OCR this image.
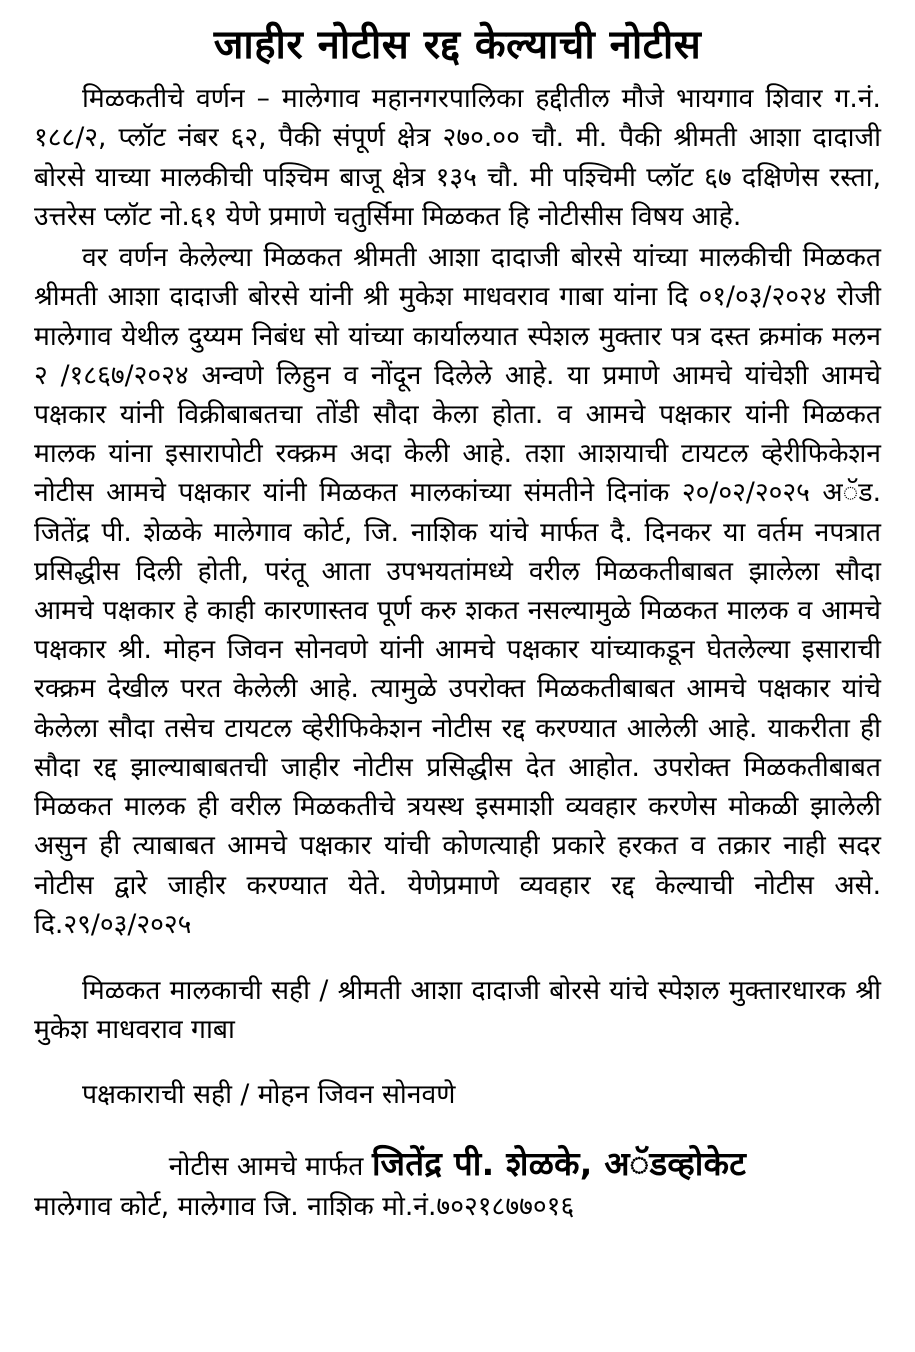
जाहीर नोटीस रद्द केल्याची नोटीस

मिळकतीचे वर्णन – मालेगाव महानगरपालिका हद्दीतील मौजे भायगाव शिवार ग.नं. १८८/२, प्लॉट नंबर ६२, पैकी संपूर्ण क्षेत्र २७०.०० चौ. मी. पैकी श्रीमती आशा दादाजी बोरसे याच्या मालकीची पश्चिम बाजू क्षेत्र १३५ चौ. मी पश्चिमी प्लॉट ६७ दक्षिणेस रस्ता, उत्तरेस प्लॉट नो.६१ येणे प्रमाणे चतुर्सिमा मिळकत हि नोटीसीस विषय आहे.

वर वर्णन केलेल्या मिळकत श्रीमती आशा दादाजी बोरसे यांच्या मालकीची मिळकत श्रीमती आशा दादाजी बोरसे यांनी श्री मुकेश माधवराव गाबा यांना दि ०१/०३/२०२४ रोजी मालेगाव येथील दुय्यम निबंध सो यांच्या कार्यालयात स्पेशल मुक्तार पत्र दस्त क्रमांक मलन २ /१८६७/२०२४ अन्वणे लिहुन व नोंदून दिलेले आहे. या प्रमाणे आमचे यांचेशी आमचे पक्षकार यांनी विक्रीबाबतचा तोंडी सौदा केला होता. व आमचे पक्षकार यांनी मिळकत मालक यांना इसारापोटी रक्क्रम अदा केली आहे. तशा आशयाची टायटल व्हेरीफिकेशन नोटीस आमचे पक्षकार यांनी मिळकत मालकांच्या संमतीने दिनांक २०/०२/२०२५ अॅड. जितेंद्र पी. शेळके मालेगाव कोर्ट, जि. नाशिक यांचे मार्फत दै. दिनकर या वर्तम नपत्रात प्रसिद्धीस दिली होती, परंतू आता उपभयतांमध्ये वरील मिळकतीबाबत झालेला सौदा आमचे पक्षकार हे काही कारणास्तव पूर्ण करु शकत नसल्यामुळे मिळकत मालक व आमचे पक्षकार श्री. मोहन जिवन सोनवणे यांनी आमचे पक्षकार यांच्याकडून घेतलेल्या इसाराची रक्क्रम देखील परत केलेली आहे. त्यामुळे उपरोक्त मिळकतीबाबत आमचे पक्षकार यांचे केलेला सौदा तसेच टायटल व्हेरीफिकेशन नोटीस रद्द करण्यात आलेली आहे. याकरीता ही सौदा रद्द झाल्याबाबतची जाहीर नोटीस प्रसिद्धीस देत आहोत. उपरोक्त मिळकतीबाबत मिळकत मालक ही वरील मिळकतीचे त्रयस्थ इसमाशी व्यवहार करणेस मोकळी झालेली असुन ही त्याबाबत आमचे पक्षकार यांची कोणत्याही प्रकारे हरकत व तक्रार नाही सदर नोटीस द्वारे जाहीर करण्यात येते. येणेप्रमाणे व्यवहार रद्द केल्याची नोटीस असे. दि.२९/०३/२०२५

मिळकत मालकाची सही / श्रीमती आशा दादाजी बोरसे यांचे स्पेशल मुक्तारधारक श्री मुकेश माधवराव गाबा

पक्षकाराची सही / मोहन जिवन सोनवणे

नोटीस आमचे मार्फत जितेंद्र पी. शेळके, अॅडव्होकेट
मालेगाव कोर्ट, मालेगाव जि. नाशिक मो.नं.७०२१८७७०१६
